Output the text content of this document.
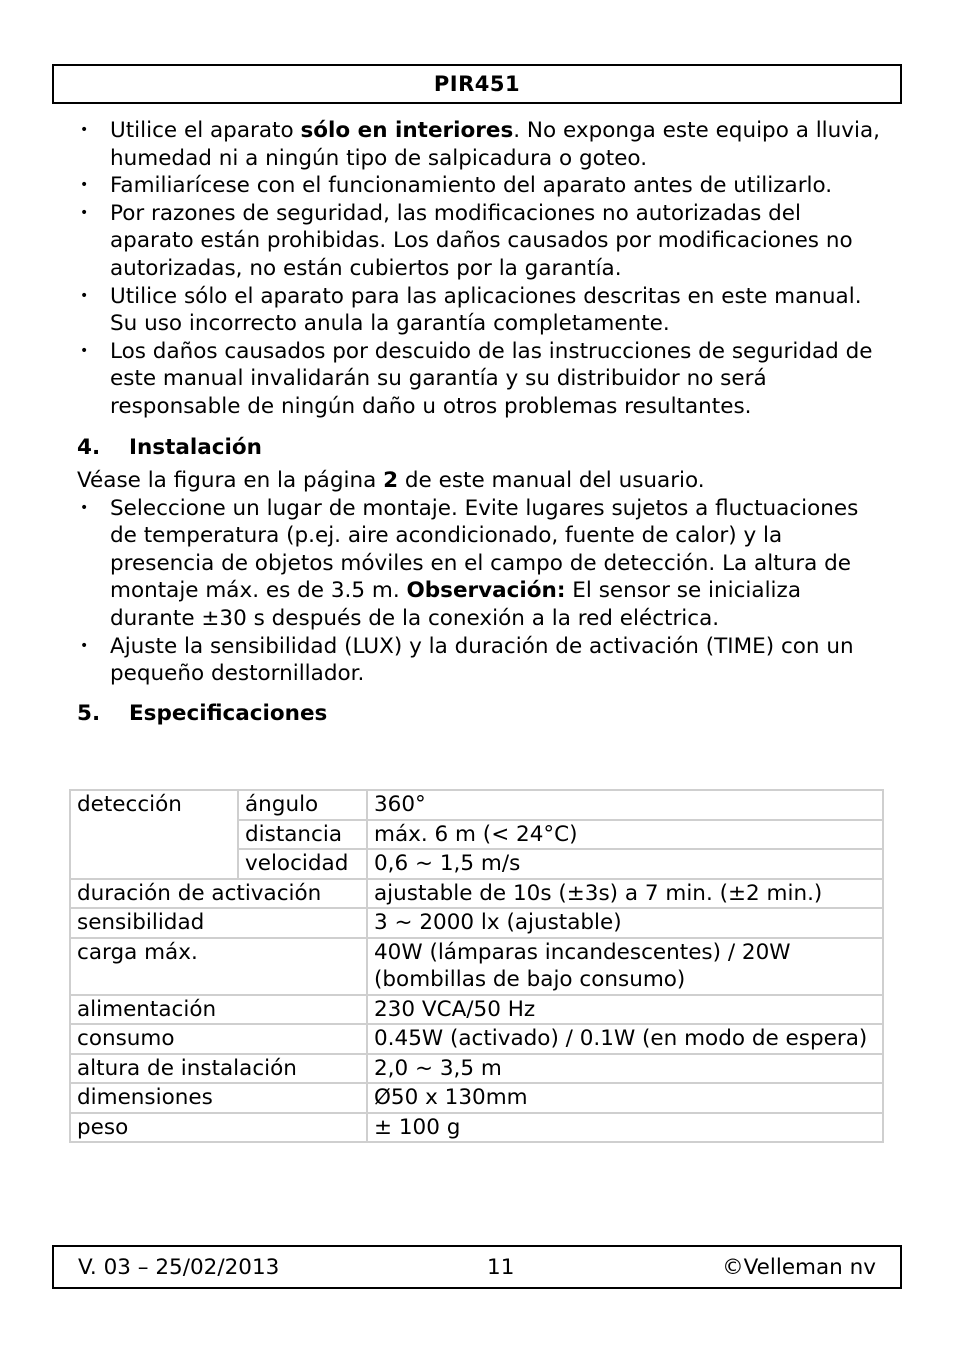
PIR451
• Utilice el aparato sólo en interiores. No exponga este equipo a lluvia, humedad ni a ningún tipo de salpicadura o goteo.
• Familiarícese con el funcionamiento del aparato antes de utilizarlo.
• Por razones de seguridad, las modificaciones no autorizadas del aparato están prohibidas. Los daños causados por modificaciones no autorizadas, no están cubiertos por la garantía.
• Utilice sólo el aparato para las aplicaciones descritas en este manual. Su uso incorrecto anula la garantía completamente.
• Los daños causados por descuido de las instrucciones de seguridad de este manual invalidarán su garantía y su distribuidor no será responsable de ningún daño u otros problemas resultantes.
4. Instalación
Véase la figura en la página 2 de este manual del usuario.
• Seleccione un lugar de montaje. Evite lugares sujetos a fluctuaciones de temperatura (p.ej. aire acondicionado, fuente de calor) y la presencia de objetos móviles en el campo de detección. La altura de montaje máx. es de 3.5 m. Observación: El sensor se inicializa durante ±30 s después de la conexión a la red eléctrica.
• Ajuste la sensibilidad (LUX) y la duración de activación (TIME) con un pequeño destornillador.
5. Especificaciones
detección	ángulo	360°
	distancia	máx. 6 m (< 24°C)
	velocidad	0,6 ~ 1,5 m/s
duración de activación		ajustable de 10s (±3s) a 7 min. (±2 min.)
sensibilidad		3 ~ 2000 lx (ajustable)
carga máx.		40W (lámparas incandescentes) / 20W (bombillas de bajo consumo)
alimentación		230 VCA/50 Hz
consumo		0.45W (activado) / 0.1W (en modo de espera)
altura de instalación		2,0 ~ 3,5 m
dimensiones		Ø50 x 130mm
peso		± 100 g
V. 03 – 25/02/2013	11	©Velleman nv
